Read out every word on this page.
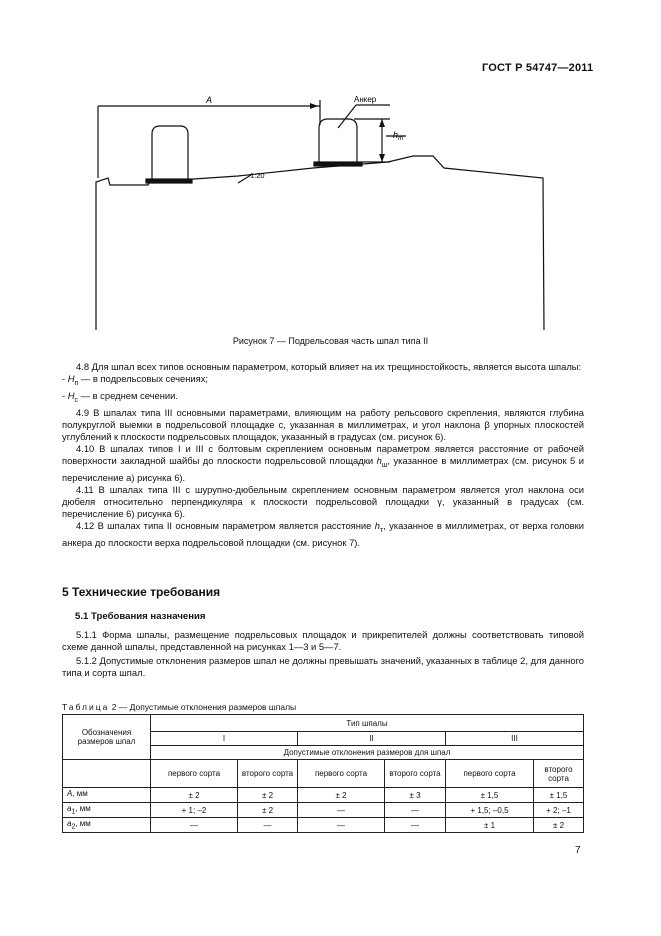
ГОСТ Р 54747—2011
A	Анкер
$h_т$
1:20
Рисунок 7 — Подрельсовая часть шпал типа II

4.8 Для шпал всех типов основным параметром, который влияет на их трещиностойкость, является высота шпалы:

- $H_п$ — в подрельсовых сечениях;

- $H_с$ — в среднем сечении.

4.9 В шпалах типа III основными параметрами, влияющим на работу рельсового скрепления, являются глубина полукруглой выемки в подрельсовой площадке c, указанная в миллиметрах, и угол наклона β упорных плоскостей углублений к плоскости подрельсовых площадок, указанный в градусах (см. рисунок 6).

4.10 В шпалах типов I и III с болтовым скреплением основным параметром является расстояние от рабочей поверхности закладной шайбы до плоскости подрельсовой площадки $h_ш$, указанное в миллиметрах (см. рисунок 5 и перечисление а) рисунка 6).

4.11 В шпалах типа III с шурупно-дюбельным скреплением основным параметром является угол наклона оси дюбеля относительно перпендикуляра к плоскости подрельсовой площадки γ, указанный в градусах (см. перечисление 6) рисунка 6).

4.12 В шпалах типа II основным параметром является расстояние $h_т$, указанное в миллиметрах, от верха головки анкера до плоскости верха подрельсовой площадки (см. рисунок 7).

5 Технические требования
5.1 Требования назначения

5.1.1 Форма шпалы, размещение подрельсовых площадок и прикрепителей должны соответствовать типовой схеме данной шпалы, представленной на рисунках 1—3 и 5—7.

5.1.2 Допустимые отклонения размеров шпал не должны превышать значений, указанных в таблице 2, для данного типа и сорта шпал.

Таблица 2 — Допустимые отклонения размеров шпалы
Обозначения размеров шпал	Тип шпалы					
	I		II		III	
	Допустимые отклонения размеров для шпал					
	первого сорта	второго сорта	первого сорта	второго сорта	первого сорта	второго сорта
A, мм	± 2	± 2	± 2	± 3	± 1,5	± 1,5
$a_1$, мм	+ 1; –2	± 2	—	—	+ 1,5; –0,5	+ 2; –1
$a_2$, мм	—	—	—	—	± 1	± 2
7
